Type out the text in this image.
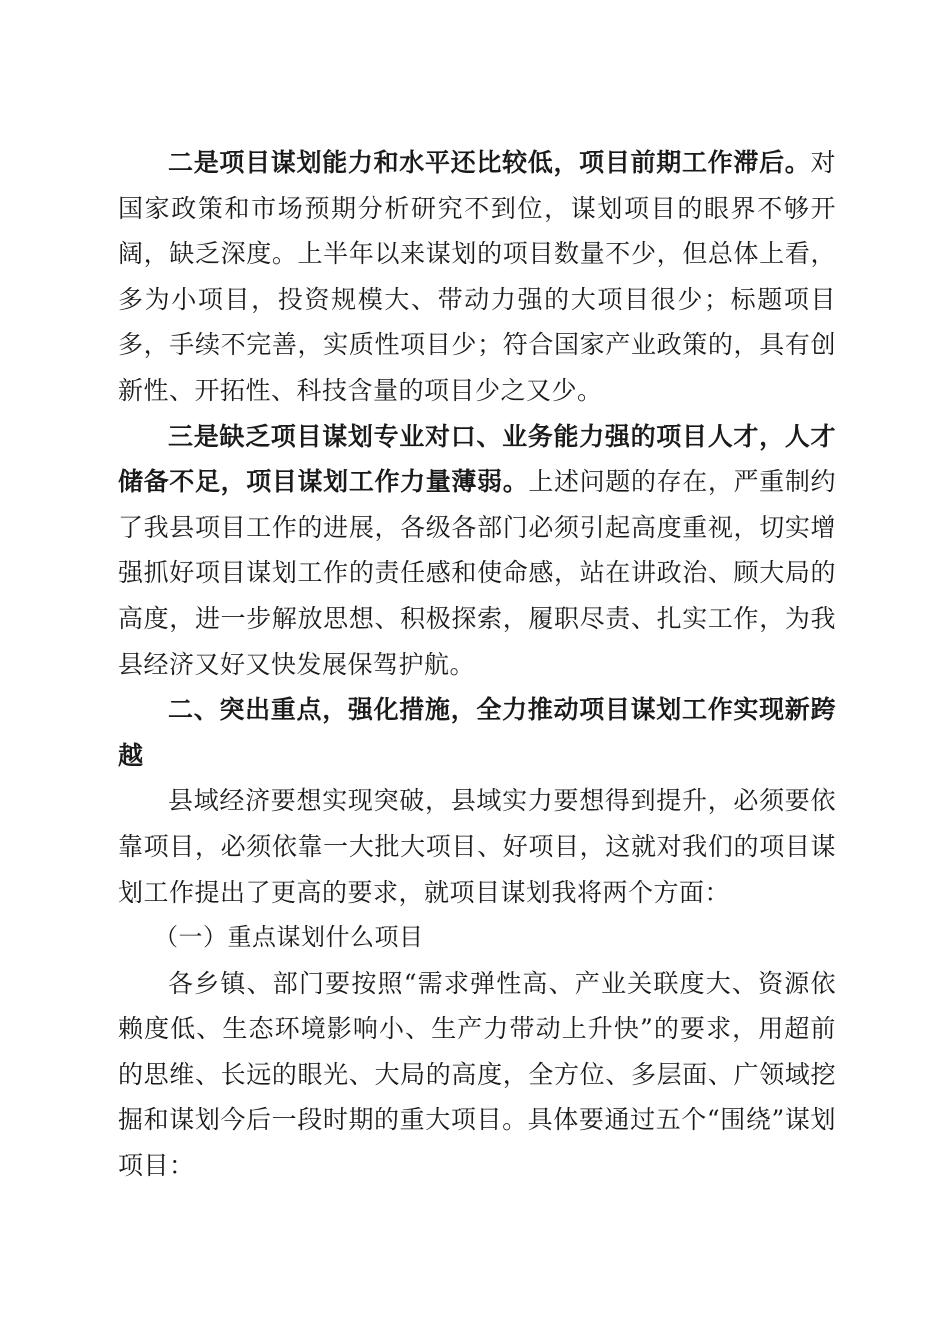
二是项目谋划能力和水平还比较低，项目前期工作滞后。对国家政策和市场预期分析研究不到位，谋划项目的眼界不够开阔，缺乏深度。上半年以来谋划的项目数量不少，但总体上看，多为小项目，投资规模大、带动力强的大项目很少；标题项目多，手续不完善，实质性项目少；符合国家产业政策的，具有创新性、开拓性、科技含量的项目少之又少。

三是缺乏项目谋划专业对口、业务能力强的项目人才，人才储备不足，项目谋划工作力量薄弱。上述问题的存在，严重制约了我县项目工作的进展，各级各部门必须引起高度重视，切实增强抓好项目谋划工作的责任感和使命感，站在讲政治、顾大局的高度，进一步解放思想、积极探索，履职尽责、扎实工作，为我县经济又好又快发展保驾护航。

二、突出重点，强化措施，全力推动项目谋划工作实现新跨越

县域经济要想实现突破，县域实力要想得到提升，必须要依靠项目，必须依靠一大批大项目、好项目，这就对我们的项目谋划工作提出了更高的要求，就项目谋划我将两个方面：

（一）重点谋划什么项目

各乡镇、部门要按照“需求弹性高、产业关联度大、资源依赖度低、生态环境影响小、生产力带动上升快”的要求，用超前的思维、长远的眼光、大局的高度，全方位、多层面、广领域挖掘和谋划今后一段时期的重大项目。具体要通过五个“围绕”谋划项目：
